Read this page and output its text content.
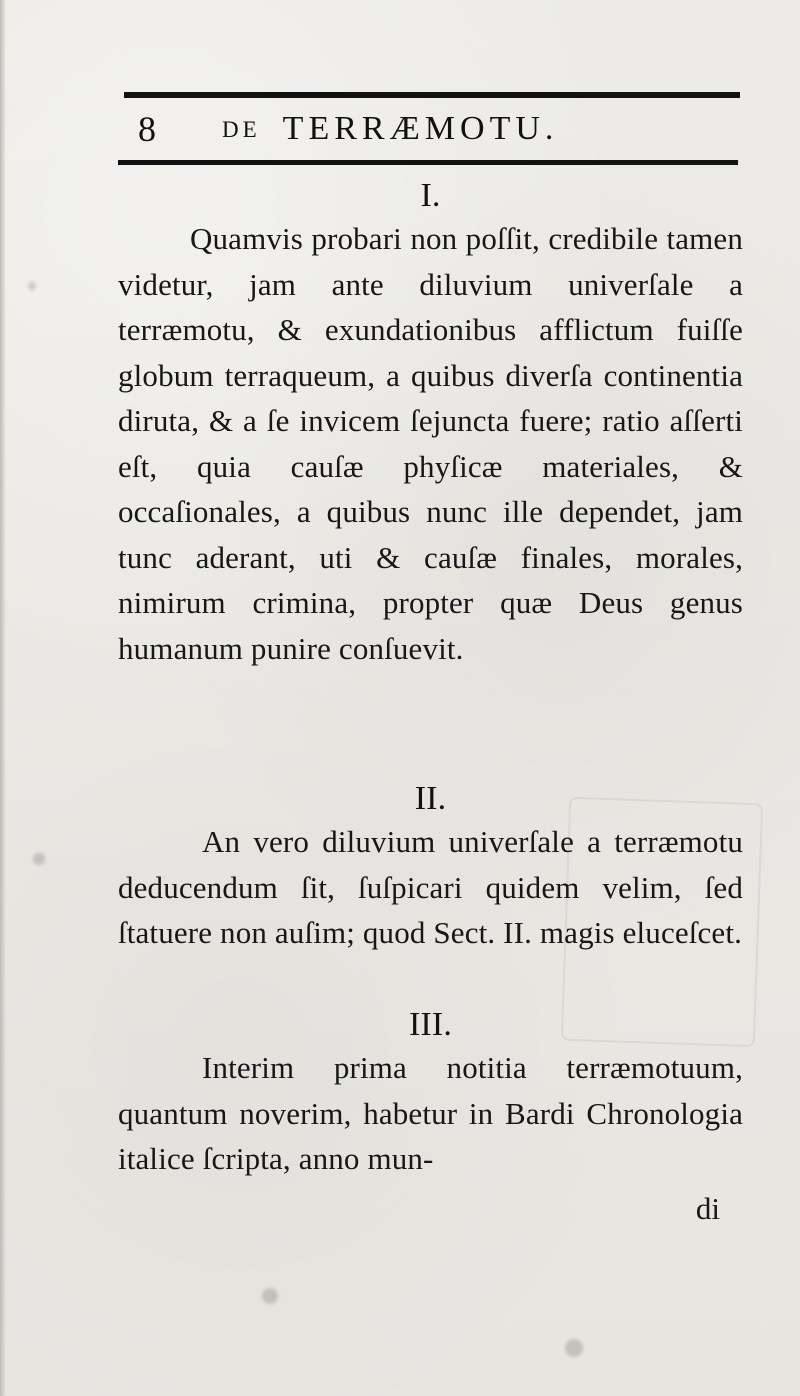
8	DE TERRÆMOTU.
I.

Quamvis probari non poſſit, credibile tamen videtur, jam ante diluvium univerſale a terræmotu, & exundationibus afflictum fuiſſe globum terraqueum, a quibus diverſa continentia diruta, & a ſe invicem ſejuncta fuere; ratio aſſerti eſt, quia cauſæ phyſicæ materiales, & occaſionales, a quibus nunc ille dependet, jam tunc aderant, uti & cauſæ finales, morales, nimirum crimina, propter quæ Deus genus humanum punire conſuevit.

II.

An vero diluvium univerſale a terræmotu deducendum ſit, ſuſpicari quidem velim, ſed ſtatuere non auſim; quod Sect. II. magis eluceſcet.

III.

Interim prima notitia terræmotuum, quantum noverim, habetur in Bardi Chronologia italice ſcripta, anno mun-

di
